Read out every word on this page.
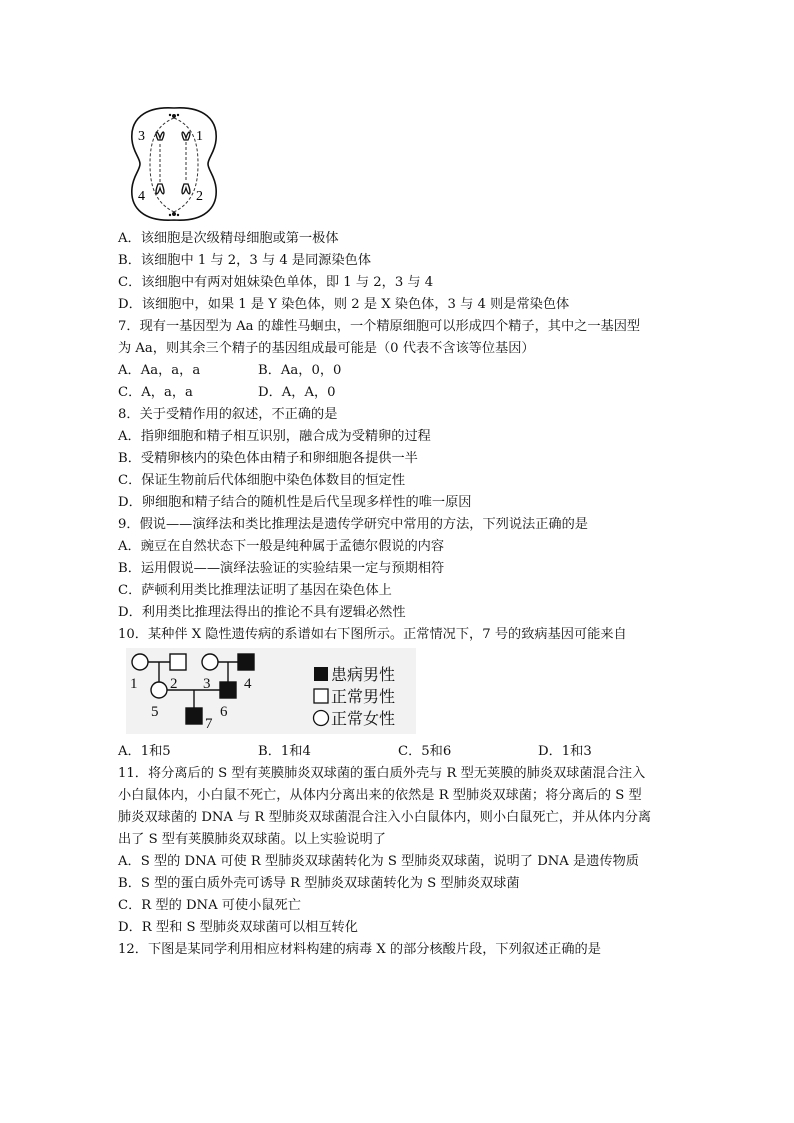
3	1
4	2
A．该细胞是次级精母细胞或第一极体
B．该细胞中 1 与 2，3 与 4 是同源染色体
C．该细胞中有两对姐妹染色单体，即 1 与 2，3 与 4
D．该细胞中，如果 1 是 Y 染色体，则 2 是 X 染色体，3 与 4 则是常染色体
7．现有一基因型为 Aa 的雄性马蛔虫，一个精原细胞可以形成四个精子，其中之一基因型
为 Aa，则其余三个精子的基因组成最可能是（0 代表不含该等位基因）
A．Aa，a，a	B．Aa，0，0
C．A，a，a	D．A，A，0
8．关于受精作用的叙述，不正确的是
A．指卵细胞和精子相互识别，融合成为受精卵的过程
B．受精卵核内的染色体由精子和卵细胞各提供一半
C．保证生物前后代体细胞中染色体数目的恒定性
D．卵细胞和精子结合的随机性是后代呈现多样性的唯一原因
9．假说——演绎法和类比推理法是遗传学研究中常用的方法，下列说法正确的是
A．豌豆在自然状态下一般是纯种属于孟德尔假说的内容
B．运用假说——演绎法验证的实验结果一定与预期相符
C．萨顿利用类比推理法证明了基因在染色体上
D．利用类比推理法得出的推论不具有逻辑必然性
10．某种伴 X 隐性遗传病的系谱如右下图所示。正常情况下，7 号的致病基因可能来自
1 2 3 4
5	6
7
患病男性
正常男性
正常女性
A．1和5	B．1和4	C．5和6	D．1和3
11．将分离后的 S 型有荚膜肺炎双球菌的蛋白质外壳与 R 型无荚膜的肺炎双球菌混合注入
小白鼠体内，小白鼠不死亡，从体内分离出来的依然是 R 型肺炎双球菌；将分离后的 S 型
肺炎双球菌的 DNA 与 R 型肺炎双球菌混合注入小白鼠体内，则小白鼠死亡，并从体内分离
出了 S 型有荚膜肺炎双球菌。以上实验说明了
A．S 型的 DNA 可使 R 型肺炎双球菌转化为 S 型肺炎双球菌，说明了 DNA 是遗传物质
B．S 型的蛋白质外壳可诱导 R 型肺炎双球菌转化为 S 型肺炎双球菌
C．R 型的 DNA 可使小鼠死亡
D．R 型和 S 型肺炎双球菌可以相互转化
12．下图是某同学利用相应材料构建的病毒 X 的部分核酸片段，下列叙述正确的是
